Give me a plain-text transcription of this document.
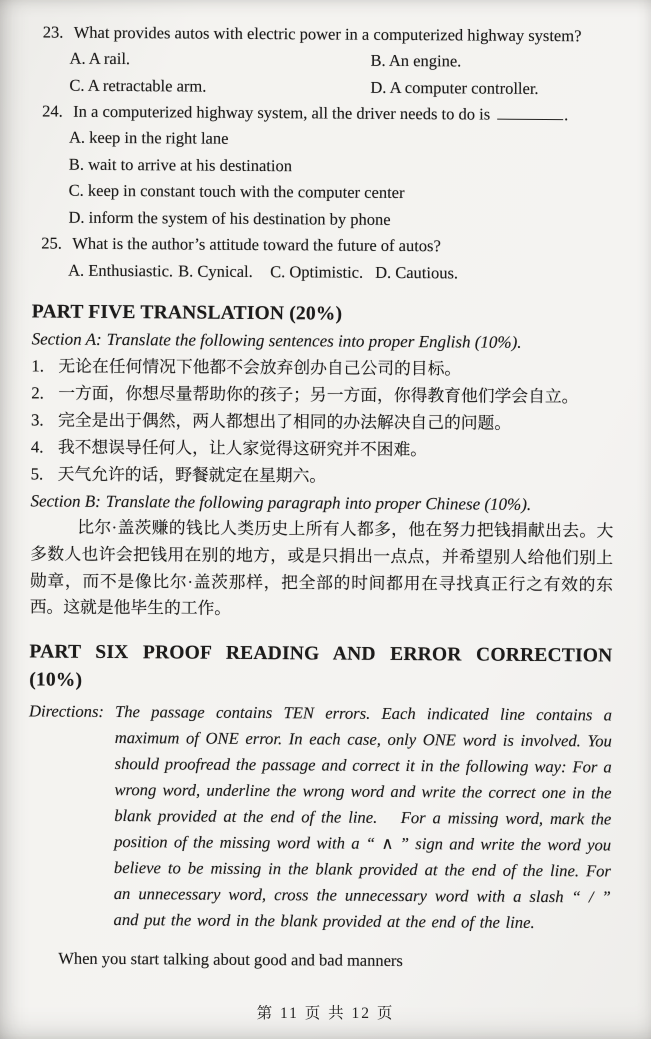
23. What provides autos with electric power in a computerized highway system?
A. A rail.	B. An engine.
C. A retractable arm.	D. A computer controller.
24. In a computerized highway system, all the driver needs to do is	.
A. keep in the right lane
B. wait to arrive at his destination
C. keep in constant touch with the computer center
D. inform the system of his destination by phone
25. What is the author’s attitude toward the future of autos?
A. Enthusiastic. B. Cynical.	C. Optimistic. D. Cautious.
PART FIVE TRANSLATION (20%)
Section A: Translate the following sentences into proper English (10%).
1. 无论在任何情况下他都不会放弃创办自己公司的目标。
2. 一方面，你想尽量帮助你的孩子；另一方面，你得教育他们学会自立。
3. 完全是出于偶然，两人都想出了相同的办法解决自己的问题。
4. 我不想误导任何人，让人家觉得这研究并不困难。
5. 天气允许的话，野餐就定在星期六。
Section B: Translate the following paragraph into proper Chinese (10%).

比尔·盖茨赚的钱比人类历史上所有人都多，他在努力把钱捐献出去。大多数人也许会把钱用在别的地方，或是只捐出一点点，并希望别人给他们别上勋章，而不是像比尔·盖茨那样，把全部的时间都用在寻找真正行之有效的东西。这就是他毕生的工作。

PART SIX PROOF READING AND ERROR CORRECTION
(10%)
Directions: The passage contains TEN errors. Each indicated line contains a maximum of ONE error. In each case, only ONE word is involved. You should proofread the passage and correct it in the following way: For a wrong word, underline the wrong word and write the correct one in the blank provided at the end of the line.  For a missing word, mark the position of the missing word with a “ ∧ ” sign and write the word you believe to be missing in the blank provided at the end of the line. For an unnecessary word, cross the unnecessary word with a slash “ / ” and put the word in the blank provided at the end of the line.

When you start talking about good and bad manners

第 11 页 共 12 页
